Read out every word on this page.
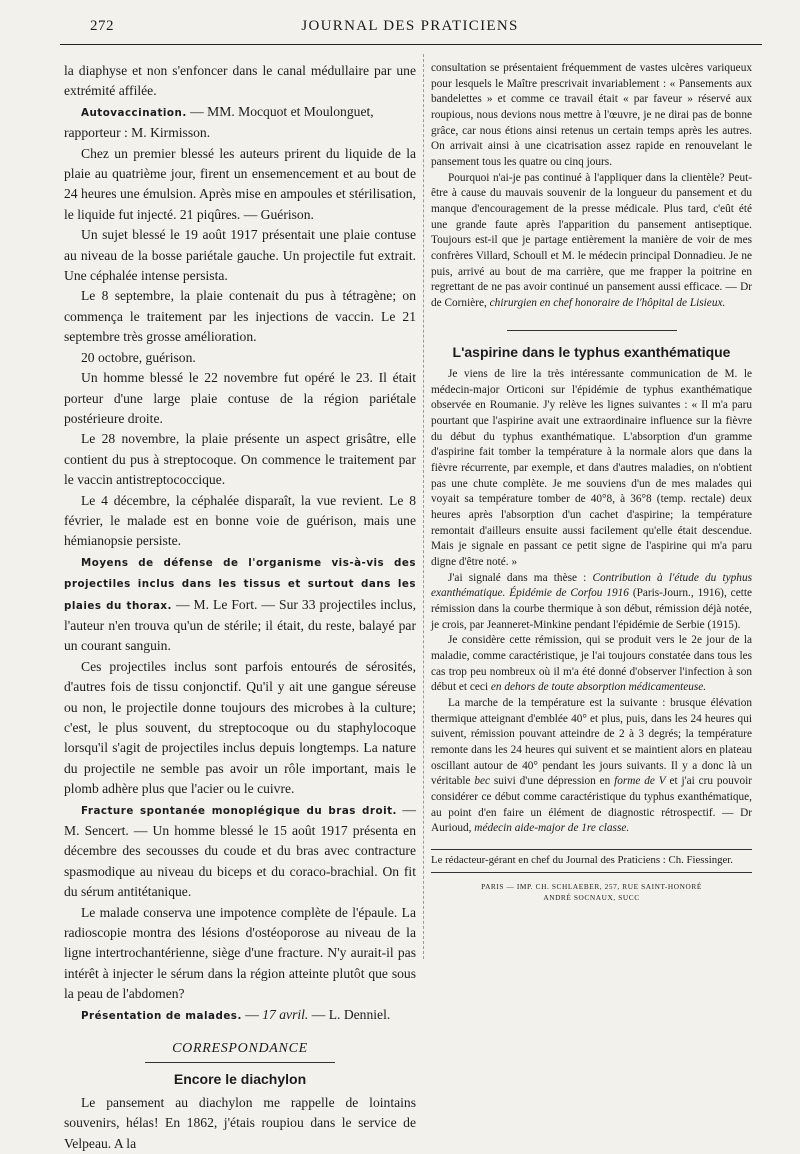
272	JOURNAL DES PRATICIENS

la diaphyse et non s'enfoncer dans le canal médullaire par une extrémité affilée.

Autovaccination. — MM. Mocquot et Moulonguet,

rapporteur : M. Kirmisson.

Chez un premier blessé les auteurs prirent du liquide de la plaie au quatrième jour, firent un ensemencement et au bout de 24 heures une émulsion. Après mise en ampoules et stérilisation, le liquide fut injecté. 21 piqûres. — Guérison.

Un sujet blessé le 19 août 1917 présentait une plaie contuse au niveau de la bosse pariétale gauche. Un projectile fut extrait. Une céphalée intense persista.

Le 8 septembre, la plaie contenait du pus à tétragène; on commença le traitement par les injections de vaccin. Le 21 septembre très grosse amélioration.

20 octobre, guérison.

Un homme blessé le 22 novembre fut opéré le 23. Il était porteur d'une large plaie contuse de la région pariétale postérieure droite.

Le 28 novembre, la plaie présente un aspect grisâtre, elle contient du pus à streptocoque. On commence le traitement par le vaccin antistreptococcique.

Le 4 décembre, la céphalée disparaît, la vue revient. Le 8 février, le malade est en bonne voie de guérison, mais une hémianopsie persiste.

Moyens de défense de l'organisme vis-à-vis des projectiles inclus dans les tissus et surtout dans les plaies du thorax. — M. Le Fort. — Sur 33 projectiles inclus, l'auteur n'en trouva qu'un de stérile; il était, du reste, balayé par un courant sanguin.

Ces projectiles inclus sont parfois entourés de sérosités, d'autres fois de tissu conjonctif. Qu'il y ait une gangue séreuse ou non, le projectile donne toujours des microbes à la culture; c'est, le plus souvent, du streptocoque ou du staphylocoque lorsqu'il s'agit de projectiles inclus depuis longtemps. La nature du projectile ne semble pas avoir un rôle important, mais le plomb adhère plus que l'acier ou le cuivre.

Fracture spontanée monoplégique du bras droit. — M. Sencert. — Un homme blessé le 15 août 1917 présenta en décembre des secousses du coude et du bras avec contracture spasmodique au niveau du biceps et du coraco-brachial. On fit du sérum antitétanique.

Le malade conserva une impotence complète de l'épaule. La radioscopie montra des lésions d'ostéoporose au niveau de la ligne intertrochantérienne, siège d'une fracture. N'y aurait-il pas intérêt à injecter le sérum dans la région atteinte plutôt que sous la peau de l'abdomen?

Présentation de malades. — 17 avril. — L. Denniel.

CORRESPONDANCE
Encore le diachylon

Le pansement au diachylon me rappelle de lointains souvenirs, hélas! En 1862, j'étais roupiou dans le service de Velpeau. A la

consultation se présentaient fréquemment de vastes ulcères variqueux pour lesquels le Maître prescrivait invariablement : « Pansements aux bandelettes » et comme ce travail était « par faveur » réservé aux roupious, nous devions nous mettre à l'œuvre, je ne dirai pas de bonne grâce, car nous étions ainsi retenus un certain temps après les autres. On arrivait ainsi à une cicatrisation assez rapide en renouvelant le pansement tous les quatre ou cinq jours.

Pourquoi n'ai-je pas continué à l'appliquer dans la clientèle? Peut-être à cause du mauvais souvenir de la longueur du pansement et du manque d'encouragement de la presse médicale. Plus tard, c'eût été une grande faute après l'apparition du pansement antiseptique. Toujours est-il que je partage entièrement la manière de voir de mes confrères Villard, Schoull et M. le médecin principal Donnadieu. Je ne puis, arrivé au bout de ma carrière, que me frapper la poitrine en regrettant de ne pas avoir continué un pansement aussi efficace. — Dr de Cornière, chirurgien en chef honoraire de l'hôpital de Lisieux.

L'aspirine dans le typhus exanthématique

Je viens de lire la très intéressante communication de M. le médecin-major Orticoni sur l'épidémie de typhus exanthématique observée en Roumanie. J'y relève les lignes suivantes : « Il m'a paru pourtant que l'aspirine avait une extraordinaire influence sur la fièvre du début du typhus exanthématique. L'absorption d'un gramme d'aspirine fait tomber la température à la normale alors que dans la fièvre récurrente, par exemple, et dans d'autres maladies, on n'obtient pas une chute complète. Je me souviens d'un de mes malades qui voyait sa température tomber de 40°8, à 36°8 (temp. rectale) deux heures après l'absorption d'un cachet d'aspirine; la température remontait d'ailleurs ensuite aussi facilement qu'elle était descendue. Mais je signale en passant ce petit signe de l'aspirine qui m'a paru digne d'être noté. »

J'ai signalé dans ma thèse : Contribution à l'étude du typhus exanthématique. Épidémie de Corfou 1916 (Paris-Journ., 1916), cette rémission dans la courbe thermique à son début, rémission déjà notée, je crois, par Jeanneret-Minkine pendant l'épidémie de Serbie (1915).

Je considère cette rémission, qui se produit vers le 2e jour de la maladie, comme caractéristique, je l'ai toujours constatée dans tous les cas trop peu nombreux où il m'a été donné d'observer l'infection à son début et ceci en dehors de toute absorption médicamenteuse.

La marche de la température est la suivante : brusque élévation thermique atteignant d'emblée 40° et plus, puis, dans les 24 heures qui suivent, rémission pouvant atteindre de 2 à 3 degrés; la température remonte dans les 24 heures qui suivent et se maintient alors en plateau oscillant autour de 40° pendant les jours suivants. Il y a donc là un véritable bec suivi d'une dépression en forme de V et j'ai cru pouvoir considérer ce début comme caractéristique du typhus exanthématique, au point d'en faire un élément de diagnostic rétrospectif. — Dr Aurioud, médecin aide-major de 1re classe.

Le rédacteur-gérant en chef du Journal des Praticiens : Ch. Fiessinger.
PARIS — IMP. CH. SCHLAEBER, 257, RUE SAINT-HONORÉ
ANDRÉ SOCNAUX, SUCC
